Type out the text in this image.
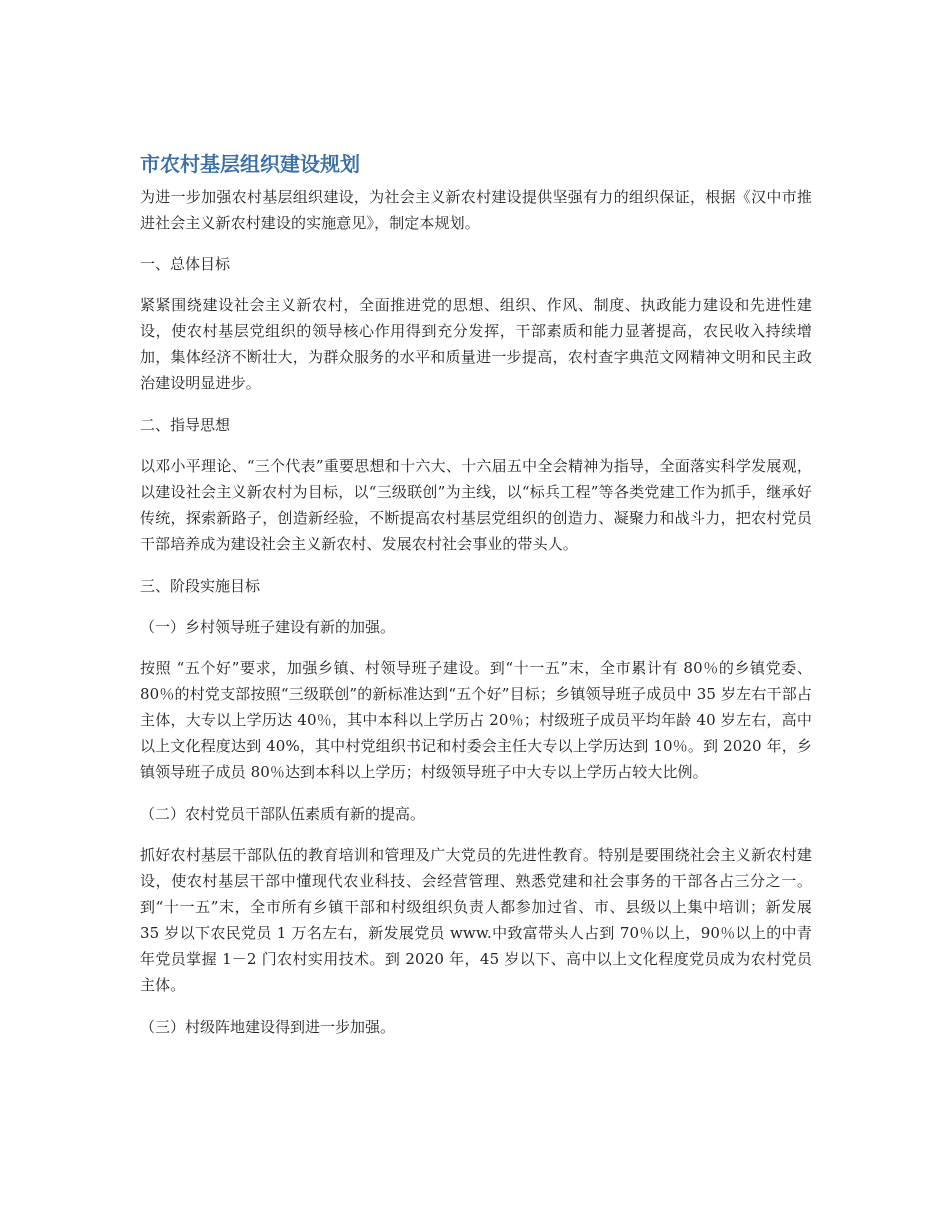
市农村基层组织建设规划

为进一步加强农村基层组织建设，为社会主义新农村建设提供坚强有力的组织保证，根据《汉中市推进社会主义新农村建设的实施意见》，制定本规划。

一、总体目标

紧紧围绕建设社会主义新农村，全面推进党的思想、组织、作风、制度、执政能力建设和先进性建设，使农村基层党组织的领导核心作用得到充分发挥，干部素质和能力显著提高，农民收入持续增加，集体经济不断壮大，为群众服务的水平和质量进一步提高，农村查字典范文网精神文明和民主政治建设明显进步。

二、指导思想

以邓小平理论、“三个代表”重要思想和十六大、十六届五中全会精神为指导，全面落实科学发展观，以建设社会主义新农村为目标，以“三级联创”为主线，以“标兵工程”等各类党建工作为抓手，继承好传统，探索新路子，创造新经验，不断提高农村基层党组织的创造力、凝聚力和战斗力，把农村党员干部培养成为建设社会主义新农村、发展农村社会事业的带头人。

三、阶段实施目标

（一）乡村领导班子建设有新的加强。

按照 “五个好”要求，加强乡镇、村领导班子建设。到“十一五”末，全市累计有 80％的乡镇党委、80％的村党支部按照“三级联创”的新标准达到“五个好”目标；乡镇领导班子成员中 35 岁左右干部占主体，大专以上学历达 40％，其中本科以上学历占 20％；村级班子成员平均年龄 40 岁左右，高中以上文化程度达到 40%，其中村党组织书记和村委会主任大专以上学历达到 10％。到 2020 年，乡镇领导班子成员 80％达到本科以上学历；村级领导班子中大专以上学历占较大比例。

（二）农村党员干部队伍素质有新的提高。

抓好农村基层干部队伍的教育培训和管理及广大党员的先进性教育。特别是要围绕社会主义新农村建设，使农村基层干部中懂现代农业科技、会经营管理、熟悉党建和社会事务的干部各占三分之一。到“十一五”末，全市所有乡镇干部和村级组织负责人都参加过省、市、县级以上集中培训；新发展 35 岁以下农民党员 1 万名左右，新发展党员 www.中致富带头人占到 70％以上，90％以上的中青年党员掌握 1－2 门农村实用技术。到 2020 年，45 岁以下、高中以上文化程度党员成为农村党员主体。

（三）村级阵地建设得到进一步加强。
